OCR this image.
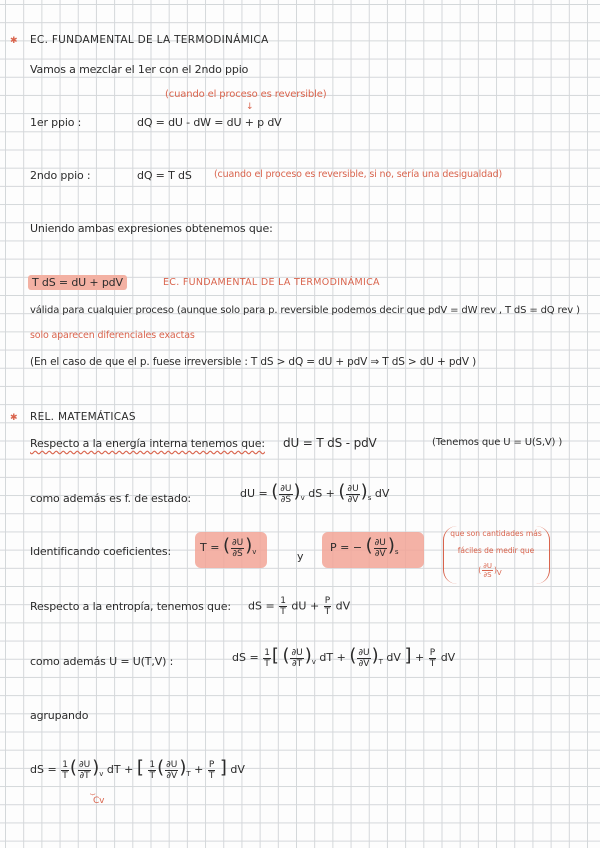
✱ EC. FUNDAMENTAL DE LA TERMODINÁMICA
Vamos a mezclar el 1er con el 2ndo ppio
(cuando el proceso es reversible)
↓
1er ppio :	dQ = dU - dW = dU + p dV
2ndo ppio :	dQ = T dS (cuando el proceso es reversible, si no, sería una desigualdad)
Uniendo ambas expresiones obtenemos que:
T dS = dU + pdV	EC. FUNDAMENTAL DE LA TERMODINÁMICA
válida para cualquier proceso (aunque solo para p. reversible podemos decir que pdV = dW rev , T dS = dQ rev )
solo aparecen diferenciales exactas
(En el caso de que el p. fuese irreversible : T dS > dQ = dU + pdV ⇒ T dS > dU + pdV )
✱ REL. MATEMÁTICAS
Respecto a la energía interna tenemos que: dU = T dS - pdV	(Tenemos que U = U(S,V) )
como además es f. de estado:	dU = ( $\frac{\partial U}{\partial S} )_v$ dS + ( $\frac{\partial U}{\partial V} )_s$ dV
Identificando coeficientes:	T = ( $\frac{\partial U}{\partial S} )_v$	y
P = − ( $\frac{\partial U}{\partial V} )_s$
que son cantidades más
fáciles de medir que
( $\frac{\partial U}{\partial S} )V$
Respecto a la entropía, tenemos que: dS = $\frac{1}{T}$ dU + $\frac{P}{T}$ dV
como además U = U(T,V) :	dS = $\frac{1}{T}$ [ ( $\frac{\partial U}{\partial T} )_v$ dT + ( $\frac{\partial U}{\partial V} )_T$ dV ] + $\frac{P}{T}$ dV
agrupando
dS = $\frac{1}{T}$ ( $\frac{\partial U}{\partial T} )_v$ dT + [ $\frac{1}{T}$ ( $\frac{\partial U}{\partial V} )_T + \frac{P}{T}$ ] dV
⏟
Cv
